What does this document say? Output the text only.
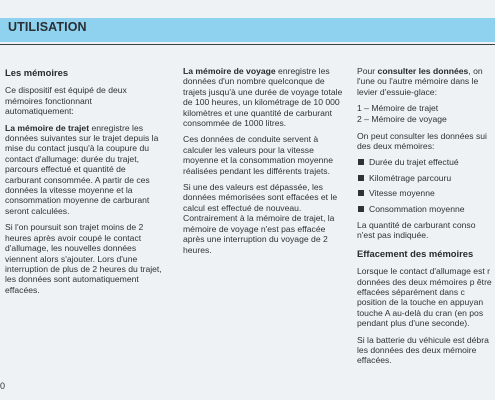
UTILISATION
Les mémoires

Ce dispositif est équipé de deux mémoires fonctionnant automatiquement:

La mémoire de trajet enregistre les données suivantes sur le trajet depuis la mise du contact jusqu'à la coupure du contact d'allumage: durée du trajet, parcours effectué et quantité de carburant consommée. A partir de ces données la vitesse moyenne et la consommation moyenne de carburant seront calculées.

Si l'on poursuit son trajet moins de 2 heures après avoir coupé le contact d'allumage, les nouvelles données viennent alors s'ajouter. Lors d'une interruption de plus de 2 heures du trajet, les données sont automatiquement effacées.

La mémoire de voyage enregistre les données d'un nombre quelconque de trajets jusqu'à une durée de voyage totale de 100 heures, un kilométrage de 10 000 kilomètres et une quantité de carburant consommée de 1000 litres.

Ces données de conduite servent à calculer les valeurs pour la vitesse moyenne et la consommation moyenne réalisées pendant les différents trajets.

Si une des valeurs est dépassée, les données mémorisées sont effacées et le calcul est effectué de nouveau. Contrairement à la mémoire de trajet, la mémoire de voyage n'est pas effacée après une interruption du voyage de 2 heures.

Pour consulter les données, on l'une ou l'autre mémoire dans le levier d'essuie-glace:

1 – Mémoire de trajet
2 – Mémoire de voyage

On peut consulter les données sui des deux mémoires:

Durée du trajet effectué
Kilométrage parcouru
Vitesse moyenne
Consommation moyenne

La quantité de carburant conso n'est pas indiquée.

Effacement des mémoires

Lorsque le contact d'allumage est r données des deux mémoires p être effacées séparément dans c position de la touche en appuyan touche A au-delà du cran (en pos pendant plus d'une seconde).

Si la batterie du véhicule est débra les données des deux mémoire effacées.

0
